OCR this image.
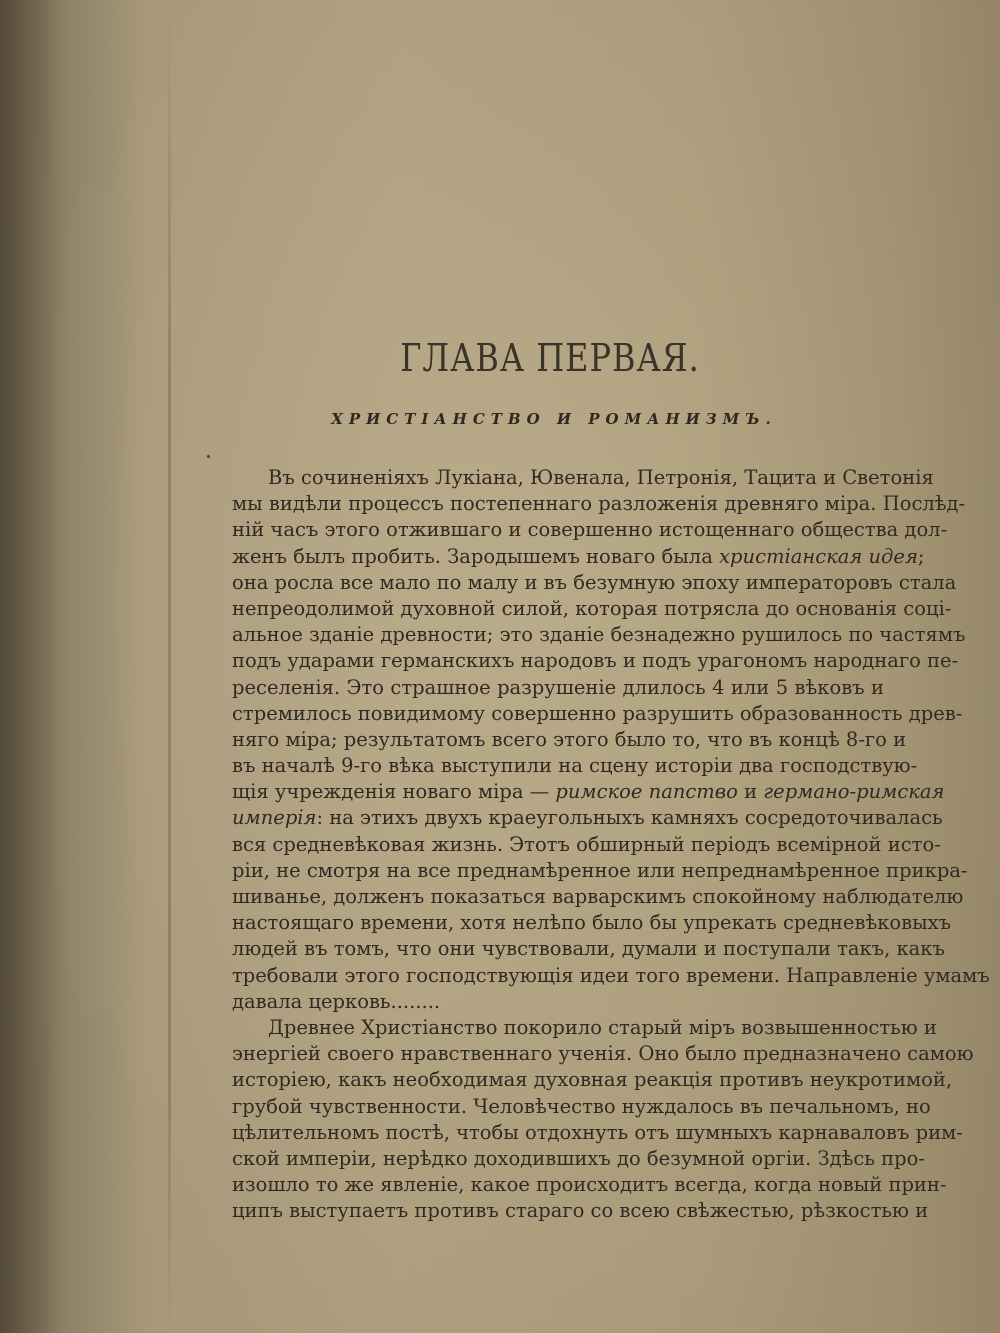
ГЛАВА ПЕРВАЯ.
ХРИСТІАНСТВО И РОМАНИЗМЪ.
Въ сочиненіяхъ Лукіана, Ювенала, Петронія, Тацита и Светонія
мы видѣли процессъ постепеннаго разложенія древняго міра. Послѣд-
ній часъ этого отжившаго и совершенно истощеннаго общества дол-
женъ былъ пробить. Зародышемъ новаго была христіанская идея;
она росла все мало по малу и въ безумную эпоху императоровъ стала
непреодолимой духовной силой, которая потрясла до основанія соці-
альное зданіе древности; это зданіе безнадежно рушилось по частямъ
подъ ударами германскихъ народовъ и подъ урагономъ народнаго пе-
реселенія. Это страшное разрушеніе длилось 4 или 5 вѣковъ и
стремилось повидимому совершенно разрушить образованность древ-
няго міра; результатомъ всего этого было то, что въ концѣ 8-го и
въ началѣ 9-го вѣка выступили на сцену исторіи два господствую-
щія учрежденія новаго міра — римское папство и германо-римская
имперія: на этихъ двухъ краеугольныхъ камняхъ сосредоточивалась
вся средневѣковая жизнь. Этотъ обширный періодъ всемірной исто-
ріи, не смотря на все преднамѣренное или непреднамѣренное прикра-
шиванье, долженъ показаться варварскимъ спокойному наблюдателю
настоящаго времени, хотя нелѣпо было бы упрекать средневѣковыхъ
людей въ томъ, что они чувствовали, думали и поступали такъ, какъ
требовали этого господствующія идеи того времени. Направленіе умамъ
давала церковь........
Древнее Христіанство покорило старый міръ возвышенностью и
энергіей своего нравственнаго ученія. Оно было предназначено самою
исторіею, какъ необходимая духовная реакція противъ неукротимой,
грубой чувственности. Человѣчество нуждалось въ печальномъ, но
цѣлительномъ постѣ, чтобы отдохнуть отъ шумныхъ карнаваловъ рим-
ской имперіи, нерѣдко доходившихъ до безумной оргіи. Здѣсь про-
изошло то же явленіе, какое происходитъ всегда, когда новый прин-
ципъ выступаетъ противъ стараго со всею свѣжестью, рѣзкостью и
